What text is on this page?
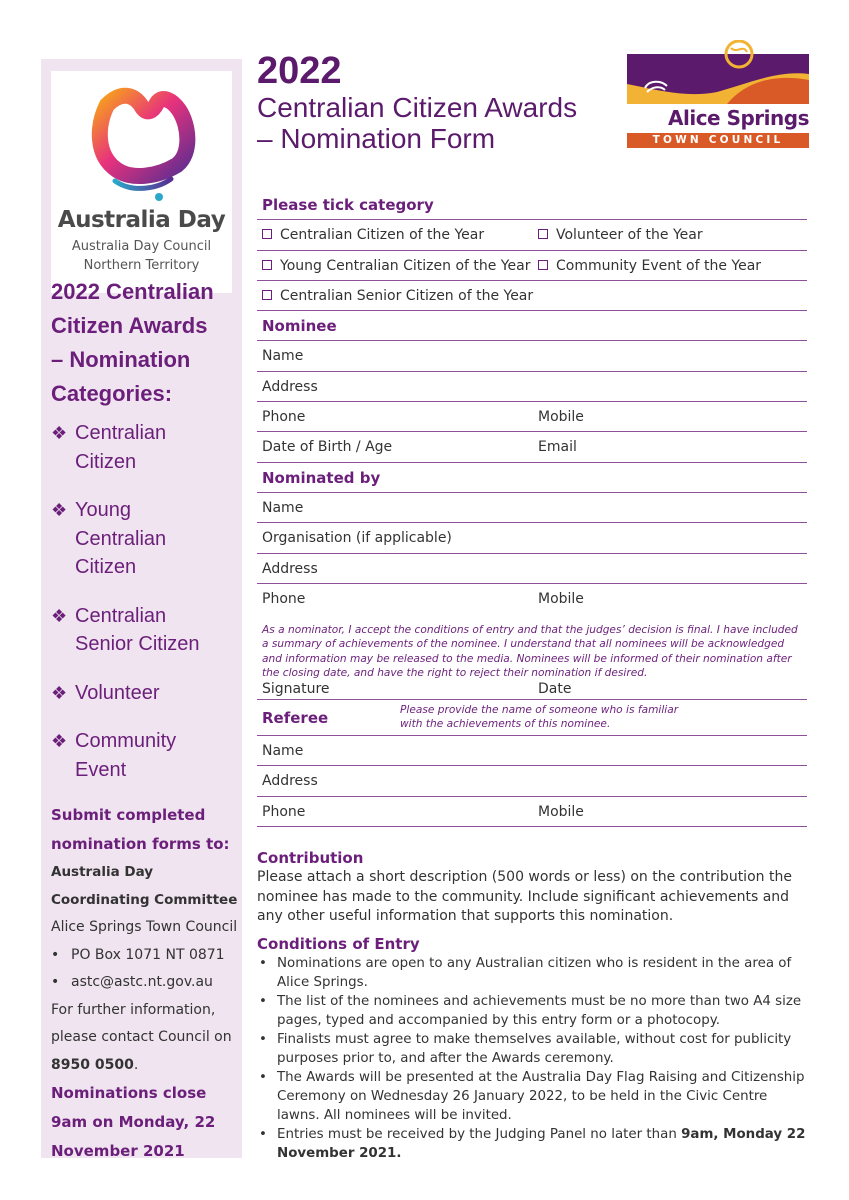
Australia Day
Australia Day Council
Northern Territory
2022 Centralian
Citizen Awards
– Nomination
Categories:
❖ Centralian
Citizen
❖ Young
Centralian
Citizen
❖ Centralian
Senior Citizen
❖ Volunteer
❖ Community
Event
Submit completed
nomination forms to:
Australia Day
Coordinating Committee
Alice Springs Town Council
• PO Box 1071 NT 0871
• astc@astc.nt.gov.au
For further information,
please contact Council on
8950 0500.
Nominations close
9am on Monday, 22
November 2021
2022
Centralian Citizen Awards
– Nomination Form
Alice Springs
TOWN COUNCIL
Please tick category
Centralian Citizen of the Year	Volunteer of the Year
Young Centralian Citizen of the Year	Community Event of the Year
Centralian Senior Citizen of the Year
Nominee
Name
Address
Phone	Mobile
Date of Birth / Age	Email
Nominated by
Name
Organisation (if applicable)
Address
Phone	Mobile
As a nominator, I accept the conditions of entry and that the judges’ decision is final. I have included a summary of achievements of the nominee. I understand that all nominees will be acknowledged and information may be released to the media. Nominees will be informed of their nomination after the closing date, and have the right to reject their nomination if desired.
Signature	Date
Referee	Please provide the name of someone who is familiar with the achievements of this nominee.
Name
Address
Phone	Mobile
Contribution

Please attach a short description (500 words or less) on the contribution the nominee has made to the community. Include significant achievements and any other useful information that supports this nomination.

Conditions of Entry
• Nominations are open to any Australian citizen who is resident in the area of Alice Springs.
• The list of the nominees and achievements must be no more than two A4 size pages, typed and accompanied by this entry form or a photocopy.
• Finalists must agree to make themselves available, without cost for publicity purposes prior to, and after the Awards ceremony.
• The Awards will be presented at the Australia Day Flag Raising and Citizenship Ceremony on Wednesday 26 January 2022, to be held in the Civic Centre lawns. All nominees will be invited.
• Entries must be received by the Judging Panel no later than 9am, Monday 22 November 2021.
